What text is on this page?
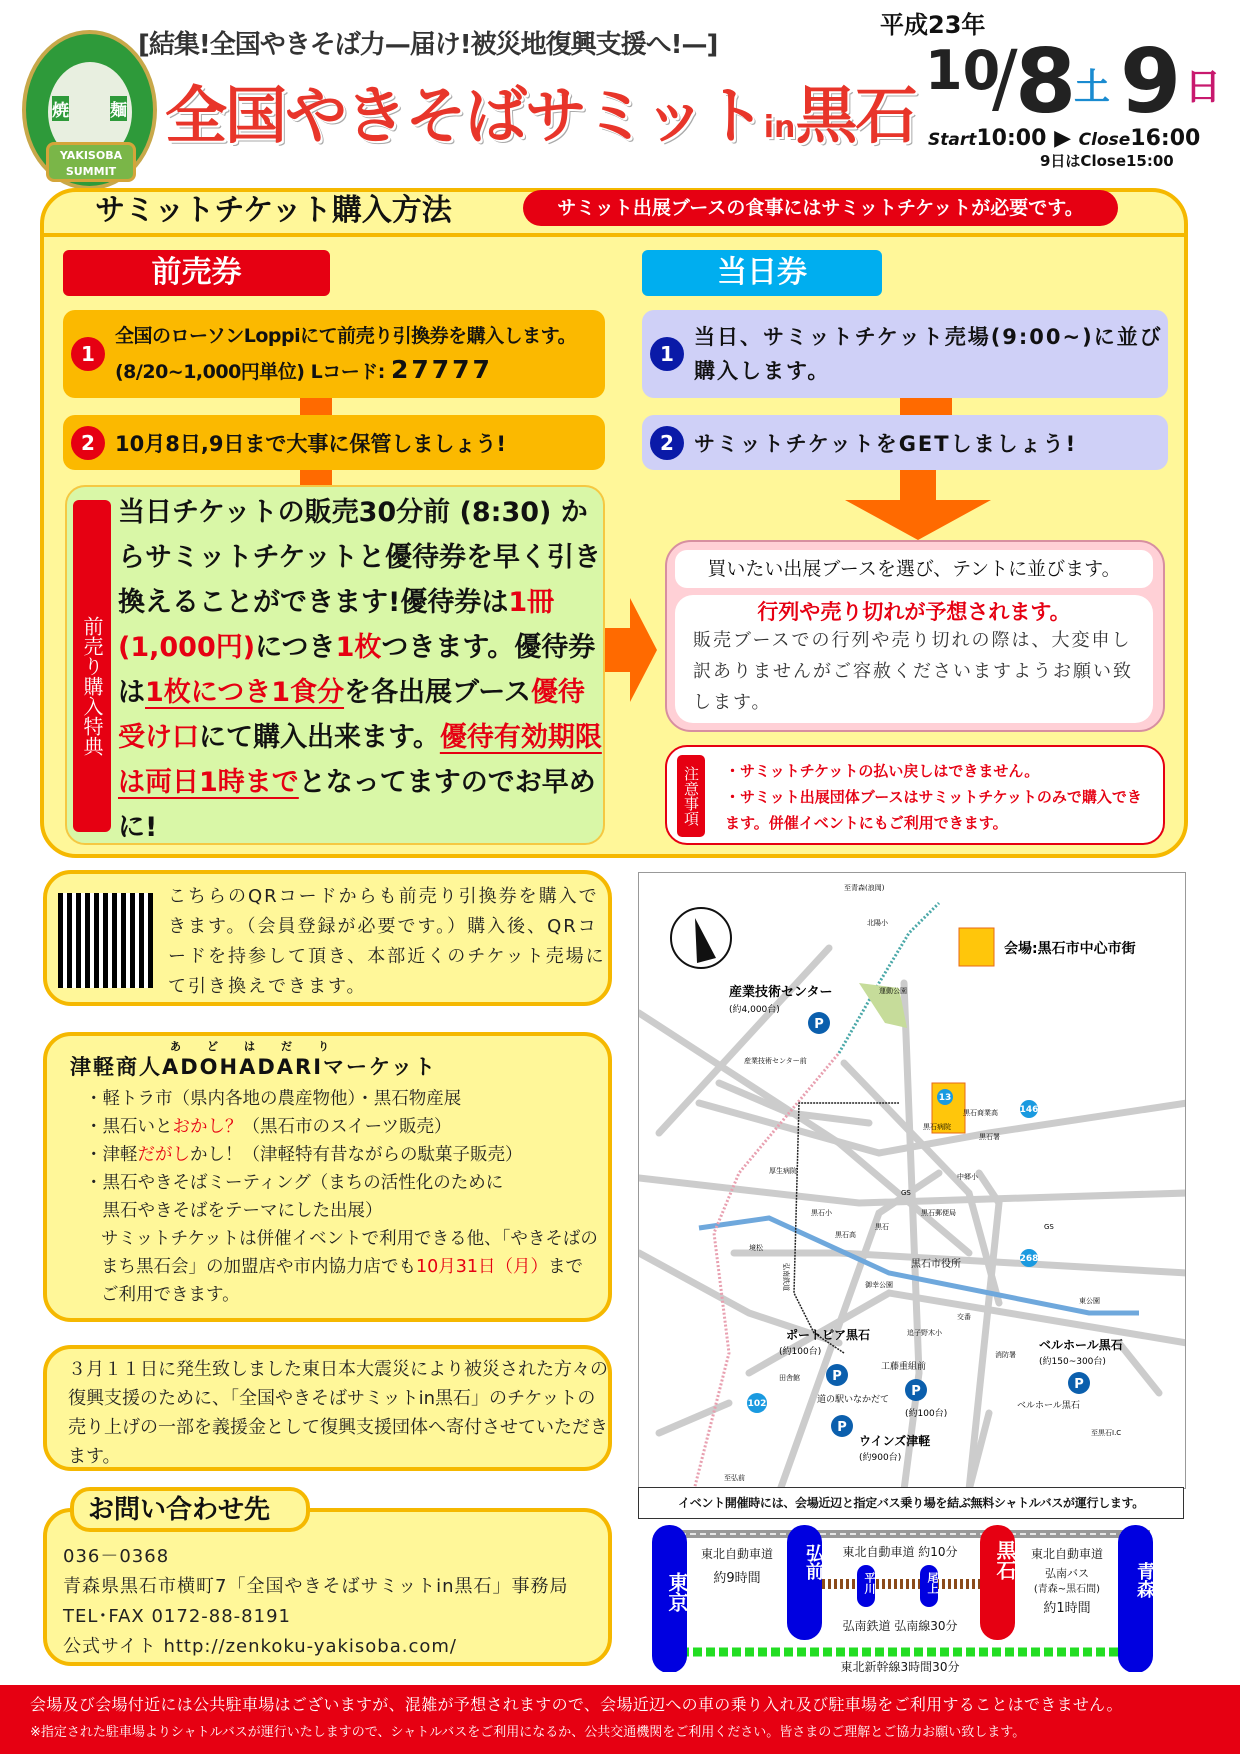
焼 麺
YAKISOBA
SUMMIT
[結集!全国やきそば力—届け!被災地復興支援へ!—]
全国やきそばサミットin黒石
平成23年
10
/
8
土 9 日
Start10:00 ▶ Close16:00
9日はClose15:00
サミットチケット購入方法	サミット出展ブースの食事にはサミットチケットが必要です。
前売券	当日券
1
全国のローソンLoppiにて前売り引換券を購入します。 (8/20~1,000円単位) Lコード: 27777
2 10月8日,9日まで大事に保管しましょう!
前売り購入特典
当日チケットの販売30分前 (8:30) からサミットチケットと優待券を早く引き換えることができます!優待券は1冊(1,000円)につき1枚つきます。優待券は1枚につき1食分を各出展ブース優待受け口にて購入出来ます。優待有効期限は両日1時までとなってますのでお早めに!
1
当日、サミットチケット売場(9:00~)に並び購入します。
2 サミットチケットをGETしましょう!
買いたい出展ブースを選び、テントに並びます。
行列や売り切れが予想されます。
販売ブースでの行列や売り切れの際は、大変申し訳ありませんがご容赦くださいますようお願い致します。
注意事項	・サミットチケットの払い戻しはできません。
・サミット出展団体ブースはサミットチケットのみで購入できます。併催イベントにもご利用できます。
こちらのQRコードからも前売り引換券を購入できます。（会員登録が必要です。）購入後、QRコードを持参して頂き、本部近くのチケット売場にて引き換えできます。
あどはだり
津軽商人ADOHADARIマーケット
・軽トラ市（県内各地の農産物他）・黒石物産展
・黒石いとおかし？（黒石市のスイーツ販売）
・津軽だがしかし！（津軽特有昔ながらの駄菓子販売）
・黒石やきそばミーティング（まちの活性化のために
　黒石やきそばをテーマにした出展）
サミットチケットは併催イベントで利用できる他、「やきそばのまち黒石会」の加盟店や市内協力店でも10月31日（月）までご利用できます。
３月１１日に発生致しました東日本大震災により被災された方々の復興支援のために、「全国やきそばサミットin黒石」のチケットの売り上げの一部を義援金として復興支援団体へ寄付させていただきます。
お問い合わせ先
036－0368
青森県黒石市横町7「全国やきそばサミットin黒石」事務局
TEL･FAX 0172-88-8191
公式サイト http://zenkoku-yakisoba.com/
会場:黒石市中心市街
至青森(浪岡)
北陽小
産業技術センター
(約4,000台)
運動公園
産業技術センター前
黒石商業高
黒石病院
黒石署
厚生病院
中郷小
GS
GS
黒石
黒石小	黒石郵便局
黒石高
境松
黒石市役所
御幸公園
東公園
交番
追子野木小
消防署
弘南鉄道
ポートピア黒石
(約100台)	ベルホール黒石
(約150~300台)
工藤重組前
田舎館
道の駅いなかだて
(約100台)
ベルホール黒石
至黒石I.C
ウインズ津軽
(約900台)
至弘前
13
146
268
102
P
P
P
P
P
イベント開催時には、会場近辺と指定バス乗り場を結ぶ無料シャトルバスが運行します。
東北自動車道
約9時間
東北自動車道 約10分
弘南鉄道 弘南線30分
東北自動車道
弘南バス
(青森~黒石間)
約1時間
東北新幹線3時間30分
東京
弘前
平川	尾上
黒石	青森
会場及び会場付近には公共駐車場はございますが、混雑が予想されますので、会場近辺への車の乗り入れ及び駐車場をご利用することはできません。
※指定された駐車場よりシャトルバスが運行いたしますので、シャトルバスをご利用になるか、公共交通機関をご利用ください。皆さまのご理解とご協力お願い致します。
